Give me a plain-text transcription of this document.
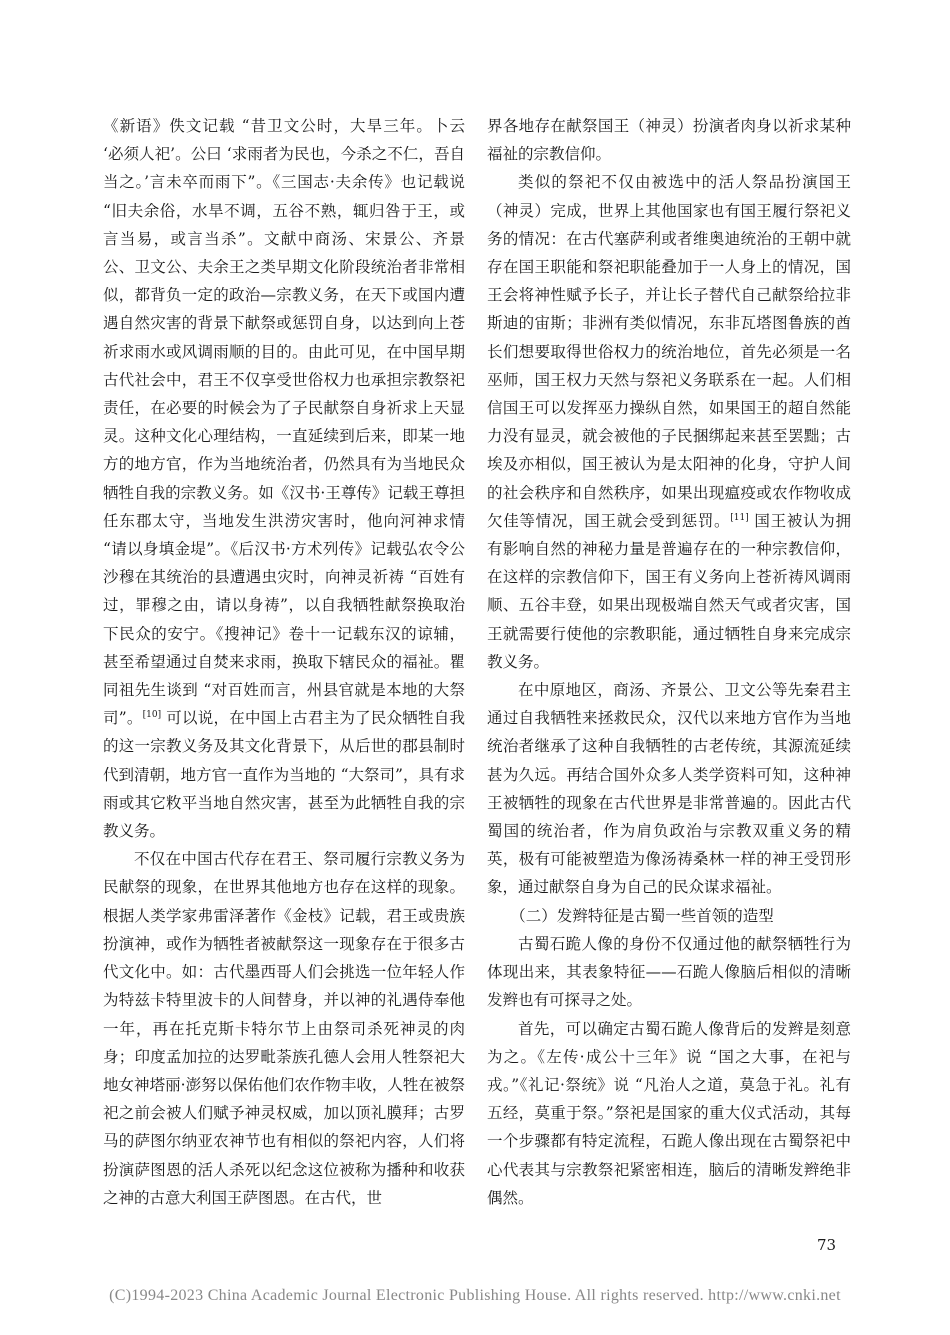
《新语》佚文记载 “昔卫文公时，大旱三年。卜云 ‘必须人祀’。公曰 ‘求雨者为民也，今杀之不仁，吾自当之。’言未卒而雨下”。《三国志·夫余传》也记载说 “旧夫余俗，水旱不调，五谷不熟，辄归咎于王，或言当易，或言当杀”。文献中商汤、宋景公、齐景公、卫文公、夫余王之类早期文化阶段统治者非常相似，都背负一定的政治—宗教义务，在天下或国内遭遇自然灾害的背景下献祭或惩罚自身，以达到向上苍祈求雨水或风调雨顺的目的。由此可见，在中国早期古代社会中，君王不仅享受世俗权力也承担宗教祭祀责任，在必要的时候会为了子民献祭自身祈求上天显灵。这种文化心理结构，一直延续到后来，即某一地方的地方官，作为当地统治者，仍然具有为当地民众牺牲自我的宗教义务。如《汉书·王尊传》记载王尊担任东郡太守，当地发生洪涝灾害时，他向河神求情 “请以身填金堤”。《后汉书·方术列传》记载弘农令公沙穆在其统治的县遭遇虫灾时，向神灵祈祷 “百姓有过，罪穆之由，请以身祷”，以自我牺牲献祭换取治下民众的安宁。《搜神记》卷十一记载东汉的谅辅，甚至希望通过自焚来求雨，换取下辖民众的福祉。瞿同祖先生谈到 “对百姓而言，州县官就是本地的大祭司”。[10] 可以说，在中国上古君主为了民众牺牲自我的这一宗教义务及其文化背景下，从后世的郡县制时代到清朝，地方官一直作为当地的 “大祭司”，具有求雨或其它敉平当地自然灾害，甚至为此牺牲自我的宗教义务。

不仅在中国古代存在君王、祭司履行宗教义务为民献祭的现象，在世界其他地方也存在这样的现象。根据人类学家弗雷泽著作《金枝》记载，君王或贵族扮演神，或作为牺牲者被献祭这一现象存在于很多古代文化中。如：古代墨西哥人们会挑选一位年轻人作为特兹卡特里波卡的人间替身，并以神的礼遇侍奉他一年，再在托克斯卡特尔节上由祭司杀死神灵的肉身；印度孟加拉的达罗毗荼族孔德人会用人牲祭祀大地女神塔丽·澎努以保佑他们农作物丰收，人牲在被祭祀之前会被人们赋予神灵权威，加以顶礼膜拜；古罗马的萨图尔纳亚农神节也有相似的祭祀内容，人们将扮演萨图恩的活人杀死以纪念这位被称为播种和收获之神的古意大利国王萨图恩。在古代，世

界各地存在献祭国王（神灵）扮演者肉身以祈求某种福祉的宗教信仰。

类似的祭祀不仅由被选中的活人祭品扮演国王（神灵）完成，世界上其他国家也有国王履行祭祀义务的情况：在古代塞萨利或者维奥迪统治的王朝中就存在国王职能和祭祀职能叠加于一人身上的情况，国王会将神性赋予长子，并让长子替代自己献祭给拉非斯迪的宙斯；非洲有类似情况，东非瓦塔图鲁族的酋长们想要取得世俗权力的统治地位，首先必须是一名巫师，国王权力天然与祭祀义务联系在一起。人们相信国王可以发挥巫力操纵自然，如果国王的超自然能力没有显灵，就会被他的子民捆绑起来甚至罢黜；古埃及亦相似，国王被认为是太阳神的化身，守护人间的社会秩序和自然秩序，如果出现瘟疫或农作物收成欠佳等情况，国王就会受到惩罚。[11] 国王被认为拥有影响自然的神秘力量是普遍存在的一种宗教信仰，在这样的宗教信仰下，国王有义务向上苍祈祷风调雨顺、五谷丰登，如果出现极端自然天气或者灾害，国王就需要行使他的宗教职能，通过牺牲自身来完成宗教义务。

在中原地区，商汤、齐景公、卫文公等先秦君主通过自我牺牲来拯救民众，汉代以来地方官作为当地统治者继承了这种自我牺牲的古老传统，其源流延续甚为久远。再结合国外众多人类学资料可知，这种神王被牺牲的现象在古代世界是非常普遍的。因此古代蜀国的统治者，作为肩负政治与宗教双重义务的精英，极有可能被塑造为像汤祷桑林一样的神王受罚形象，通过献祭自身为自己的民众谋求福祉。

（二）发辫特征是古蜀一些首领的造型

古蜀石跪人像的身份不仅通过他的献祭牺牲行为体现出来，其表象特征——石跪人像脑后相似的清晰发辫也有可探寻之处。

首先，可以确定古蜀石跪人像背后的发辫是刻意为之。《左传·成公十三年》说 “国之大事，在祀与戎。”《礼记·祭统》说 “凡治人之道，莫急于礼。礼有五经，莫重于祭。”祭祀是国家的重大仪式活动，其每一个步骤都有特定流程，石跪人像出现在古蜀祭祀中心代表其与宗教祭祀紧密相连，脑后的清晰发辫绝非偶然。

73
(C)1994-2023 China Academic Journal Electronic Publishing House. All rights reserved. http://www.cnki.net
